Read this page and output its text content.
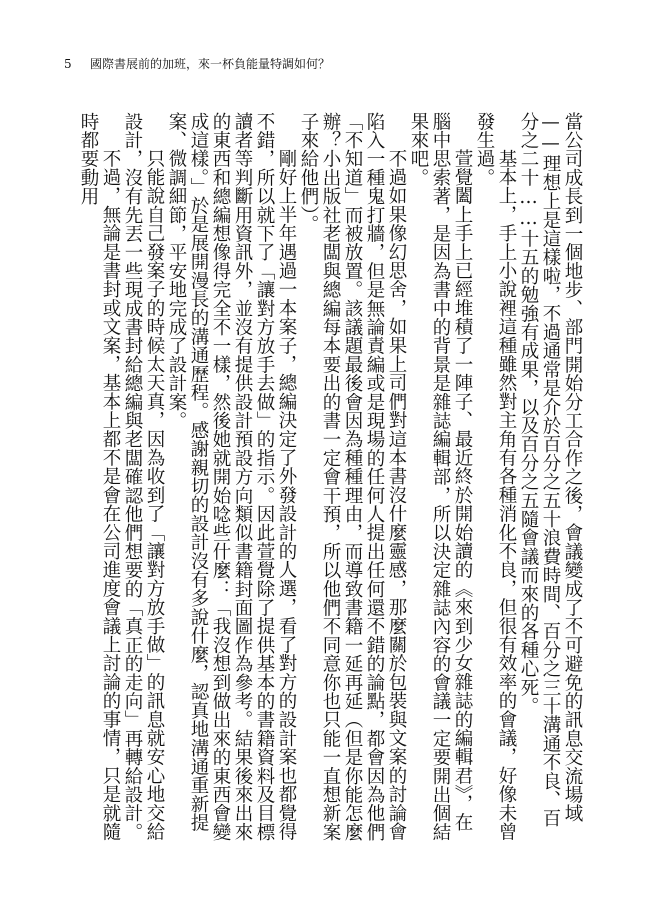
5	國際書展前的加班，來一杯負能量特調如何？

當公司成長到一個地步、部門開始分工合作之後，會議變成了不可避免的訊息交流場域——理想上是這樣啦，不過通常是介於百分之五十浪費時間、百分之三十溝通不良、百分之二十……十五的勉強有成果，以及百分之五隨會議而來的各種心死。

基本上，手上小說裡這種雖然對主角有各種消化不良，但很有效率的會議，好像未曾發生過。

萱覺闔上手上已經堆積了一陣子、最近終於開始讀的《來到少女雜誌的編輯君》，在腦中思索著，是因為書中的背景是雜誌編輯部，所以決定雜誌內容的會議一定要開出個結果來吧。

不過如果像幻思舍，如果上司們對這本書沒什麼靈感，那麼關於包裝與文案的討論會陷入一種鬼打牆，但是無論責編或是現場的任何人提出任何還不錯的論點，都會因為他們「不知道」而被放置。該議題最後會因為種種理由，而導致書籍一延再延（但是你能怎麼辦？小出版社老闆與總編每本要出的書一定會干預，所以他們不同意你也只能一直想新案子來給他們）。

剛好上半年遇過一本案子，總編決定了外發設計的人選，看了對方的設計案也都覺得不錯，所以就下了「讓對方放手去做」的指示。因此萱覺除了提供基本的書籍資料及目標讀者等判斷用資訊外，並沒有提供設計預設方向類似書籍封面圖作為參考。結果後來出來的東西和總編想像得完全不一樣，然後她就開始唸些什麼：「我沒想到做出來的東西會變成這樣。」於是展開漫長的溝通歷程。感謝親切的設計沒有多說什麼，認真地溝通重新提案、微調細節，平安地完成了設計案。

只能說自己發案子的時候太天真，因為收到了「讓對方放手做」的訊息就安心地交給設計，沒有先丟一些現成書封給總編與老闆確認他們想要的「真正的走向」再轉給設計。

不過，無論是書封或文案，基本上都不是會在公司進度會議上討論的事情，只是就隨時都要動用
